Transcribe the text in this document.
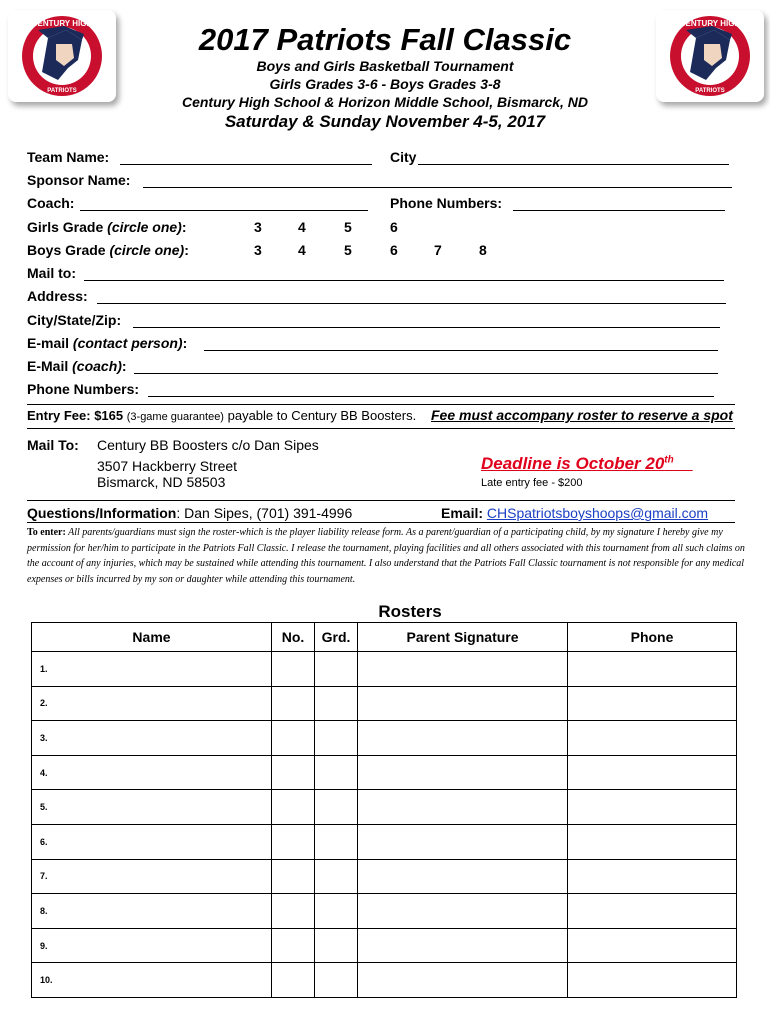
CENTURY HIGH
PATRIOTS
CENTURY HIGH
PATRIOTS
2017 Patriots Fall Classic
Boys and Girls Basketball Tournament
Girls Grades 3-6 - Boys Grades 3-8
Century High School & Horizon Middle School, Bismarck, ND
Saturday & Sunday November 4-5, 2017
Team Name:	City
Sponsor Name:
Coach:	Phone Numbers:
Girls Grade (circle one):	3	4	5	6
Boys Grade (circle one):	3	4	5	6	7	8
Mail to:
Address:
City/State/Zip:
E-mail (contact person):
E-Mail (coach):
Phone Numbers:
Entry Fee: $165 (3-game guarantee) payable to Century BB Boosters. Fee must accompany roster to reserve a spot
Mail To: Century BB Boosters c/o Dan Sipes
3507 Hackberry Street
Bismarck, ND 58503
Deadline is October 20th
Late entry fee - $200
Questions/Information: Dan Sipes, (701) 391-4996	Email: CHSpatriotsboyshoops@gmail.com
To enter: All parents/guardians must sign the roster-which is the player liability release form. As a parent/guardian of a participating child, by my signature I hereby give my permission for her/him to participate in the Patriots Fall Classic. I release the tournament, playing facilities and all others associated with this tournament from all such claims on the account of any injuries, which may be sustained while attending this tournament. I also understand that the Patriots Fall Classic tournament is not responsible for any medical expenses or bills incurred by my son or daughter while attending this tournament.
Rosters
Name	No.	Grd.	Parent Signature	Phone
1.				
2.				
3.				
4.				
5.				
6.				
7.				
8.				
9.				
10.				
